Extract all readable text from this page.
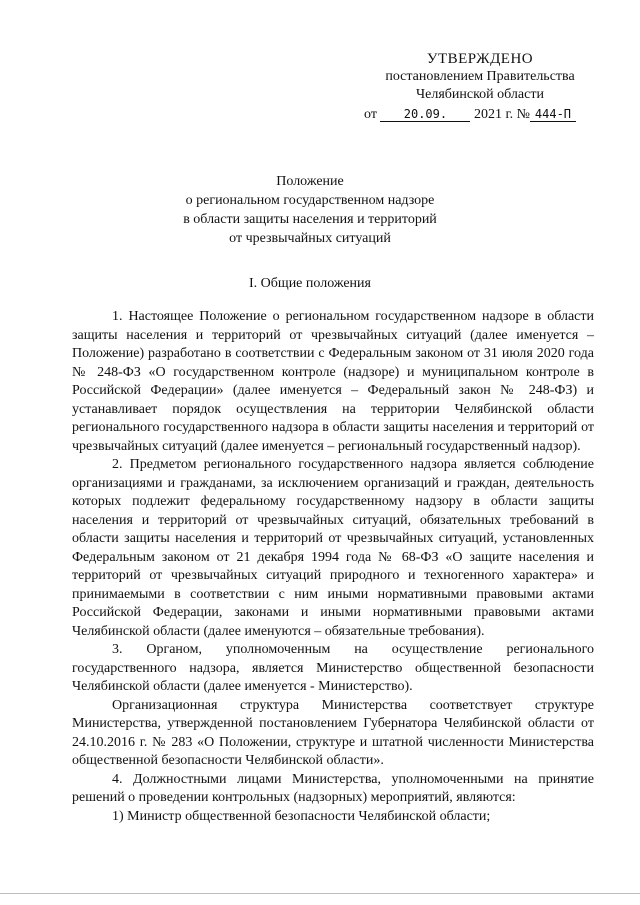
УТВЕРЖДЕНО
постановлением Правительства
Челябинской области
от 20.09. 2021 г. № 444-П
Положение
о региональном государственном надзоре
в области защиты населения и территорий
от чрезвычайных ситуаций
I. Общие положения

1. Настоящее Положение о региональном государственном надзоре в области защиты населения и территорий от чрезвычайных ситуаций (далее именуется – Положение) разработано в соответствии с Федеральным законом от 31 июля 2020 года № 248-ФЗ «О государственном контроле (надзоре) и муниципальном контроле в Российской Федерации» (далее именуется – Федеральный закон № 248-ФЗ) и устанавливает порядок осуществления на территории Челябинской области регионального государственного надзора в области защиты населения и территорий от чрезвычайных ситуаций (далее именуется – региональный государственный надзор).

2. Предметом регионального государственного надзора является соблюдение организациями и гражданами, за исключением организаций и граждан, деятельность которых подлежит федеральному государственному надзору в области защиты населения и территорий от чрезвычайных ситуаций, обязательных требований в области защиты населения и территорий от чрезвычайных ситуаций, установленных Федеральным законом от 21 декабря 1994 года № 68-ФЗ «О защите населения и территорий от чрезвычайных ситуаций природного и техногенного характера» и принимаемыми в соответствии с ним иными нормативными правовыми актами Российской Федерации, законами и иными нормативными правовыми актами Челябинской области (далее именуются – обязательные требования).

3. Органом, уполномоченным на осуществление регионального государственного надзора, является Министерство общественной безопасности Челябинской области (далее именуется - Министерство).

Организационная структура Министерства соответствует структуре Министерства, утвержденной постановлением Губернатора Челябинской области от 24.10.2016 г. № 283 «О Положении, структуре и штатной численности Министерства общественной безопасности Челябинской области».

4. Должностными лицами Министерства, уполномоченными на принятие решений о проведении контрольных (надзорных) мероприятий, являются:

1) Министр общественной безопасности Челябинской области;
